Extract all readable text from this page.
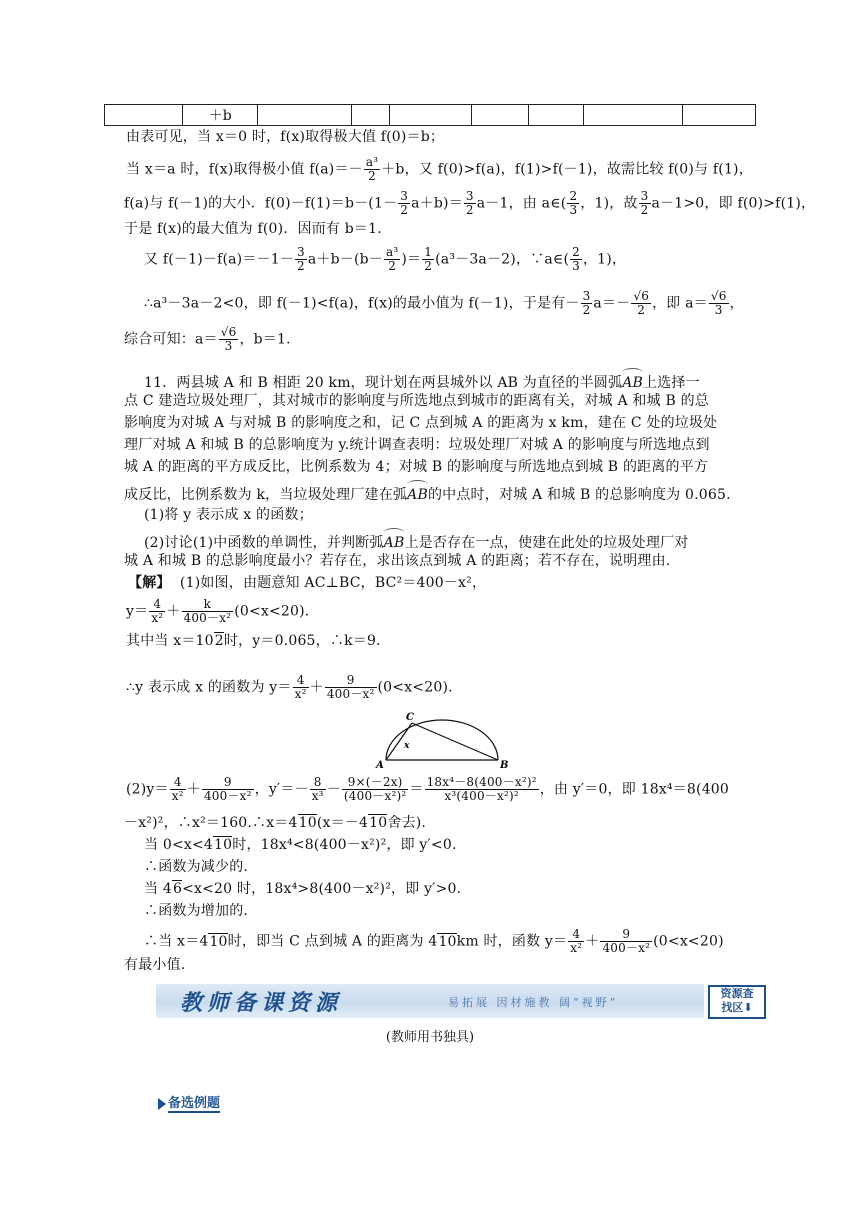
	＋b							
由表可见，当 x＝0 时，f(x)取得极大值 f(0)＝b；
当 x＝a 时，f(x)取得极小值 $f(a)=- \frac{\text{a³}}{2} +b$，又 f(0)>f(a)，f(1)>f(－1)，故需比较 f(0)与 f(1)，
f(a)与 f(－1)的大小．$f(0)-f(1)=b-(1- \frac{3}{2} a+b)= \frac{3}{2} a-1$，由 a∈( $\frac{2}{3}$ ，1)，故 $\frac{3}{2} a-1>0$，即 f(0)>f(1)，
于是 f(x)的最大值为 f(0)．因而有 b＝1.
又 $f(-1)-f(a)=-1- \frac{3}{2} a+b-(b- \frac{\text{a³}}{2}$ )＝ $\frac{1}{2} (a^3-3a-2)$，∵a∈( $\frac{2}{3}$ ，1)，
∴a³－3a－2<0，即 f(－1)<f(a)，f(x)的最小值为 f(－1)，于是有－ $\frac{3}{2} a=- \frac{√6}{2}$ ，即 $a= \frac{√6}{3}$ ，
综合可知：$a= \frac{√6}{3}$ ，b＝1.
11．两县城 A 和 B 相距 20 km，现计划在两县城外以 AB 为直径的半圆弧AB上选择一
点 C 建造垃圾处理厂，其对城市的影响度与所选地点到城市的距离有关，对城 A 和城 B 的总
影响度为对城 A 与对城 B 的影响度之和，记 C 点到城 A 的距离为 x km，建在 C 处的垃圾处
理厂对城 A 和城 B 的总影响度为 y.统计调查表明：垃圾处理厂对城 A 的影响度与所选地点到
城 A 的距离的平方成反比，比例系数为 4；对城 B 的影响度与所选地点到城 B 的距离的平方
成反比，比例系数为 k，当垃圾处理厂建在弧AB的中点时，对城 A 和城 B 的总影响度为 0.065.
(1)将 y 表示成 x 的函数；
(2)讨论(1)中函数的单调性，并判断弧AB上是否存在一点，使建在此处的垃圾处理厂对
城 A 和城 B 的总影响度最小？若存在，求出该点到城 A 的距离；若不存在，说明理由.
【解】 (1)如图，由题意知 AC⊥BC，BC²＝400－x²，
$y= \frac{4}{\text{x²}} + \frac{k}{\text{400－x²}} (0<x<20)$.
其中当 x＝102时，y＝0.065，∴k＝9.
∴y 表示成 x 的函数为 $y= \frac{4}{\text{x²}} + \frac{9}{\text{400－x²}} (0<x<20)$.
C
A	B
x
$(2)y= \frac{4}{\text{x²}} + \frac{9}{\text{400－x²}}$ ，$y'=- \frac{8}{\text{x³}} - \frac{9\times(-2x)}{\text{(400－x²)²}} = \frac{\text{18x⁴－8(400－x²)²}}{\text{x³(400－x²)²}}$ ，由 y′＝0，即 18x⁴＝8(400
－x²)²，∴x²＝160.∴x＝410(x＝－410舍去).
当 0<x<410时，18x⁴<8(400－x²)²，即 y′<0.
∴函数为减少的.
当 46<x<20 时，18x⁴>8(400－x²)²，即 y′>0.
∴函数为增加的.
∴当 x＝410时，即当 C 点到城 A 的距离为 410km 时，函数 $y= \frac{4}{\text{x²}} + \frac{9}{\text{400－x²}} (0<x<20)$
有最小值.
教师备课资源	易拓展 因材施教 阔“视野”
资源查
找区⬇
(教师用书独具)
备选例题
